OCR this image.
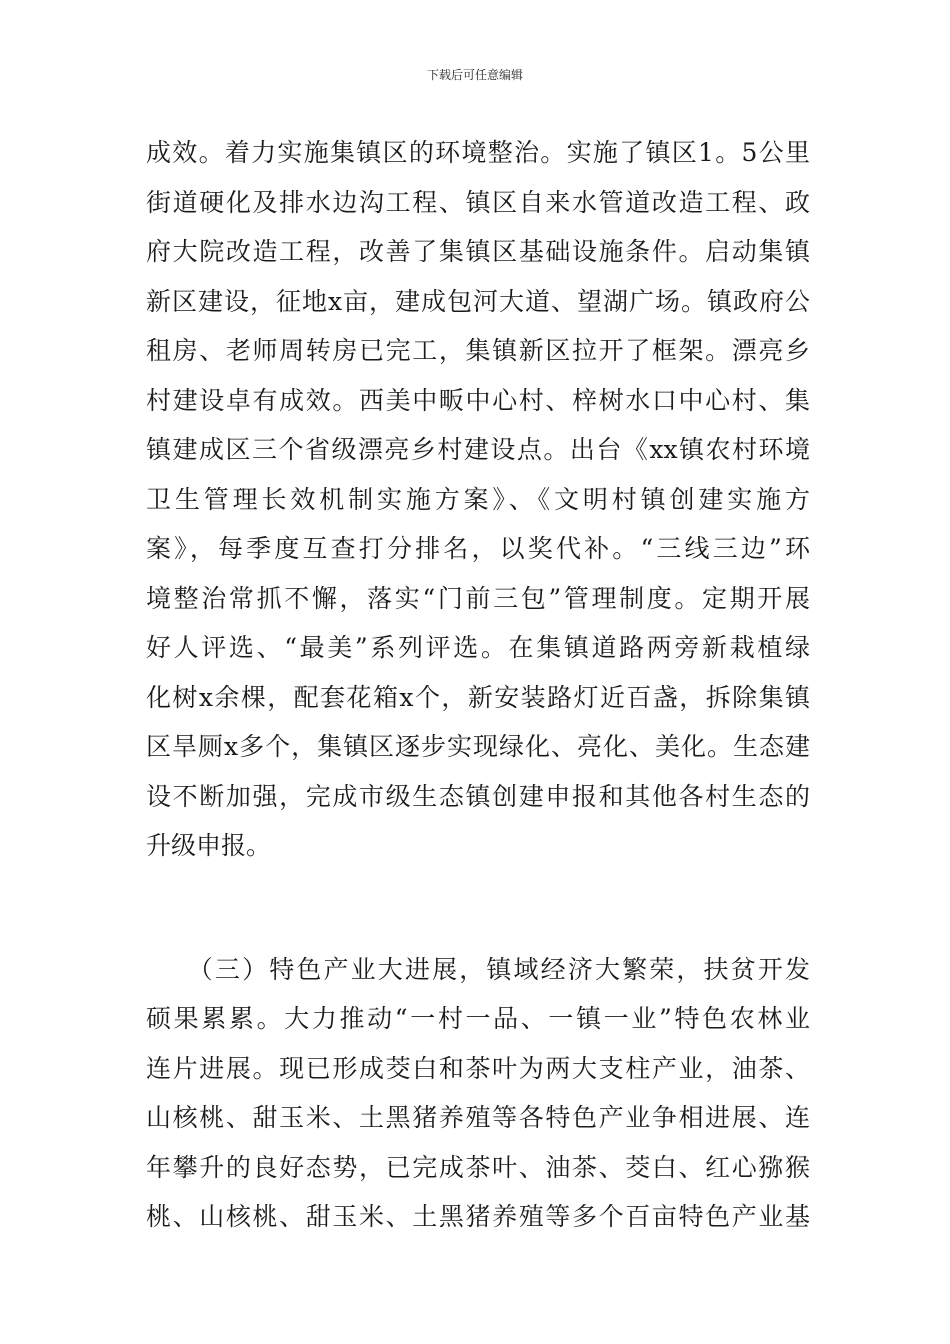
下载后可任意编辑
成效。着力实施集镇区的环境整治。实施了镇区1。5公里
街道硬化及排水边沟工程、镇区自来水管道改造工程、政
府大院改造工程，改善了集镇区基础设施条件。启动集镇
新区建设，征地x亩，建成包河大道、望湖广场。镇政府公
租房、老师周转房已完工，集镇新区拉开了框架。漂亮乡
村建设卓有成效。西美中畈中心村、梓树水口中心村、集
镇建成区三个省级漂亮乡村建设点。出台《xx镇农村环境
卫生管理长效机制实施方案》、《文明村镇创建实施方
案》，每季度互查打分排名，以奖代补。“三线三边”环
境整治常抓不懈，落实“门前三包”管理制度。定期开展
好人评选、“最美”系列评选。在集镇道路两旁新栽植绿
化树x余棵，配套花箱x个，新安装路灯近百盏，拆除集镇
区旱厕x多个，集镇区逐步实现绿化、亮化、美化。生态建
设不断加强，完成市级生态镇创建申报和其他各村生态的
升级申报。
　　（三）特色产业大进展，镇域经济大繁荣，扶贫开发
硕果累累。大力推动“一村一品、一镇一业”特色农林业
连片进展。现已形成茭白和茶叶为两大支柱产业，油茶、
山核桃、甜玉米、土黑猪养殖等各特色产业争相进展、连
年攀升的良好态势，已完成茶叶、油茶、茭白、红心猕猴
桃、山核桃、甜玉米、土黑猪养殖等多个百亩特色产业基
